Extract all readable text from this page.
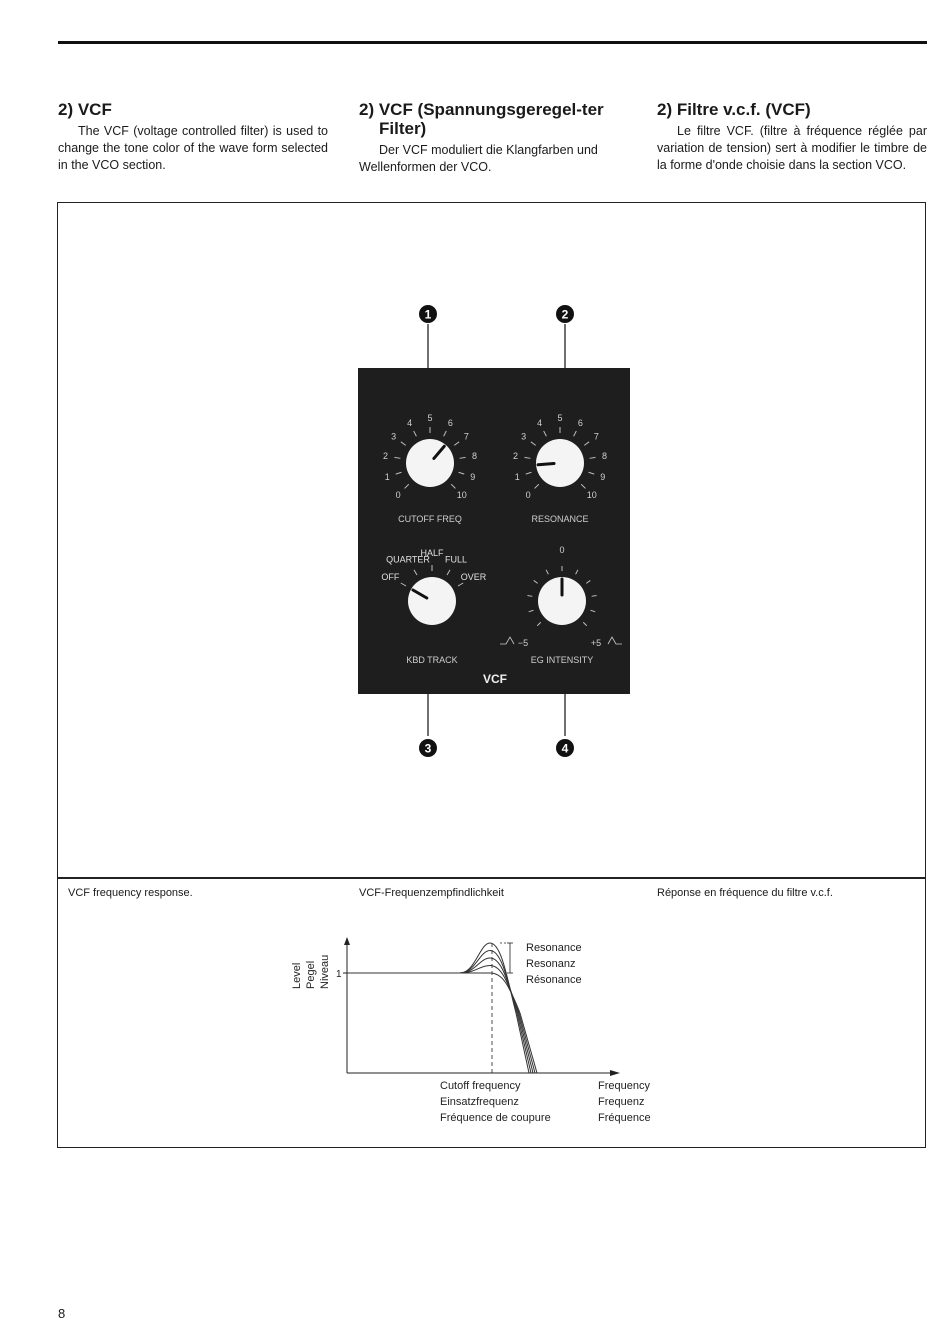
2) VCF

The VCF (voltage controlled filter) is used to change the tone color of the wave form selected in the VCO section.

2) VCF (Spannungsgeregel-ter Filter)

Der VCF moduliert die Klangfarben und Wellenformen der VCO.

2) Filtre v.c.f. (VCF)

Le filtre VCF. (filtre à fréquence réglée par variation de tension) sert à modifier le timbre de la forme d'onde choisie dans la section VCO.

1	2
3	4
0
1
2
3
4 5 6
7
8
9
10
CUTOFF FREQ
0
1
2
3
4 5 6
7
8
9
10
RESONANCE
OFF
QUARTER
HALF
FULL
OVER
KBD TRACK
0
EG INTENSITY
−5	+5
VCF
VCF frequency response.	VCF-Frequenzempfindlichkeit	Réponse en fréquence du filtre v.c.f.
Level Pegel Niveau 1
Resonance
Resonanz
Résonance
Cutoff frequency
Einsatzfrequenz
Fréquence de coupure
Frequency
Frequenz
Fréquence
8
